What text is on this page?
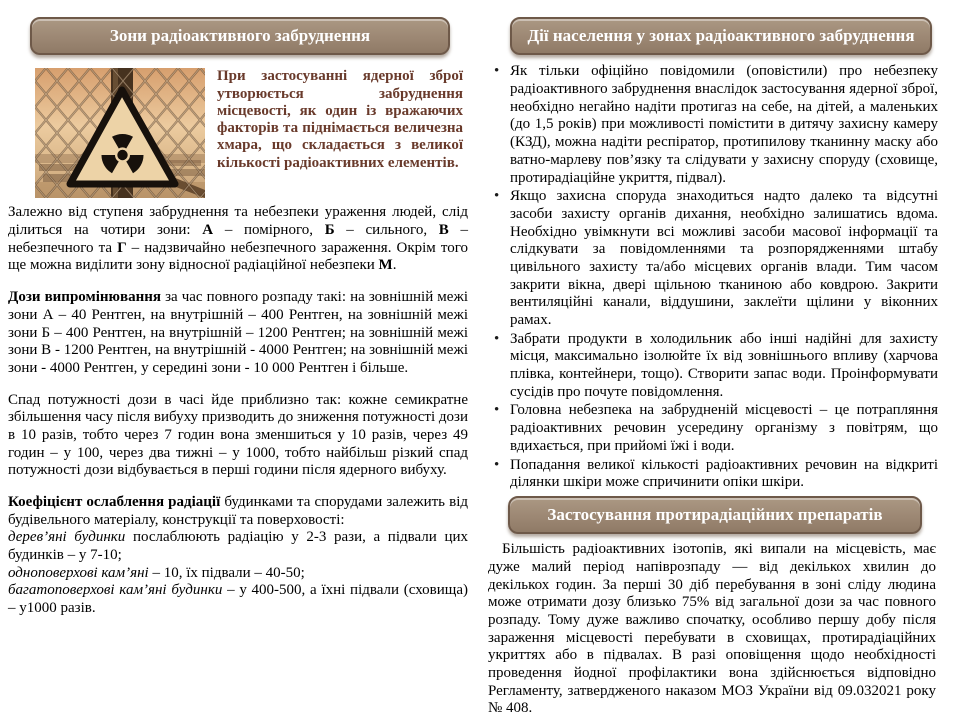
Зони радіоактивного забруднення
При застосуванні ядерної зброї утворюється забруднення місцевості, як один із вражаючих факторів та піднімається величезна хмара, що складається з великої кількості радіоактивних елементів.

Залежно від ступеня забруднення та небезпеки ураження людей, слід ділиться на чотири зони: А – помірного, Б – сильного, В – небезпечного та Г – надзвичайно небезпечного зараження. Окрім того ще можна виділити зону відносної радіаційної небезпеки М.

Дози випромінювання за час повного розпаду такі: на зовнішній межі зони А – 40 Рентген, на внутрішній – 400 Рентген, на зовнішній межі зони Б – 400 Рентген, на внутрішній – 1200 Рентген; на зовнішній межі зони В - 1200 Рентген, на внутрішній - 4000 Рентген; на зовнішній межі зони - 4000 Рентген, у середині зони - 10 000 Рентген і більше.

Спад потужності дози в часі йде приблизно так: кожне семикратне збільшення часу після вибуху призводить до зниження потужності дози в 10 разів, тобто через 7 годин вона зменшиться у 10 разів, через 49 годин – у 100, через два тижні – у 1000, тобто найбільш різкий спад потужності дози відбувається в перші години після ядерного вибуху.

Коефіцієнт ослаблення радіації будинками та спорудами залежить від будівельного матеріалу, конструкції та поверховості:
дерев’яні будинки послаблюють радіацію у 2-3 рази, а підвали цих будинків – у 7-10;
одноповерхові кам’яні – 10, їх підвали – 40-50;
багатоповерхові кам’яні будинки – у 400-500, а їхні підвали (сховища) – у1000 разів.

Дії населення у зонах радіоактивного забруднення
• Як тільки офіційно повідомили (оповістили) про небезпеку радіоактивного забруднення внаслідок застосування ядерної зброї, необхідно негайно надіти протигаз на себе, на дітей, а маленьких (до 1,5 років) при можливості помістити в дитячу захисну камеру (КЗД), можна надіти респіратор, протипилову тканинну маску або ватно-марлеву пов’язку та слідувати у захисну споруду (сховище, протирадіаційне укриття, підвал).
• Якщо захисна споруда знаходиться надто далеко та відсутні засоби захисту органів дихання, необхідно залишатись вдома. Необхідно увімкнути всі можливі засоби масової інформації та слідкувати за повідомленнями та розпорядженнями штабу цивільного захисту та/або місцевих органів влади. Тим часом закрити вікна, двері щільною тканиною або ковдрою. Закрити вентиляційні канали, віддушини, заклеїти щілини у віконних рамах.
• Забрати продукти в холодильник або інші надійні для захисту місця, максимально ізолюйте їх від зовнішнього впливу (харчова плівка, контейнери, тощо). Створити запас води. Проінформувати сусідів про почуте повідомлення.
• Головна небезпека на забрудненій місцевості – це потрапляння радіоактивних речовин усередину організму з повітрям, що вдихається, при прийомі їжі і води.
• Попадання великої кількості радіоактивних речовин на відкриті ділянки шкіри може спричинити опіки шкіри.
Застосування протирадіаційних препаратів

Більшість радіоактивних ізотопів, які випали на місцевість, має дуже малий період напіврозпаду — від декількох хвилин до декількох годин. За перші 30 діб перебування в зоні сліду людина може отримати дозу близько 75% від загальної дози за час повного розпаду. Тому дуже важливо спочатку, особливо першу добу після зараження місцевості перебувати в сховищах, протирадіаційних укриттях або в підвалах. В разі оповіщення щодо необхідності проведення йодної профілактики вона здійснюється відповідно Регламенту, затвердженого наказом МОЗ України від 09.032021 року № 408.
